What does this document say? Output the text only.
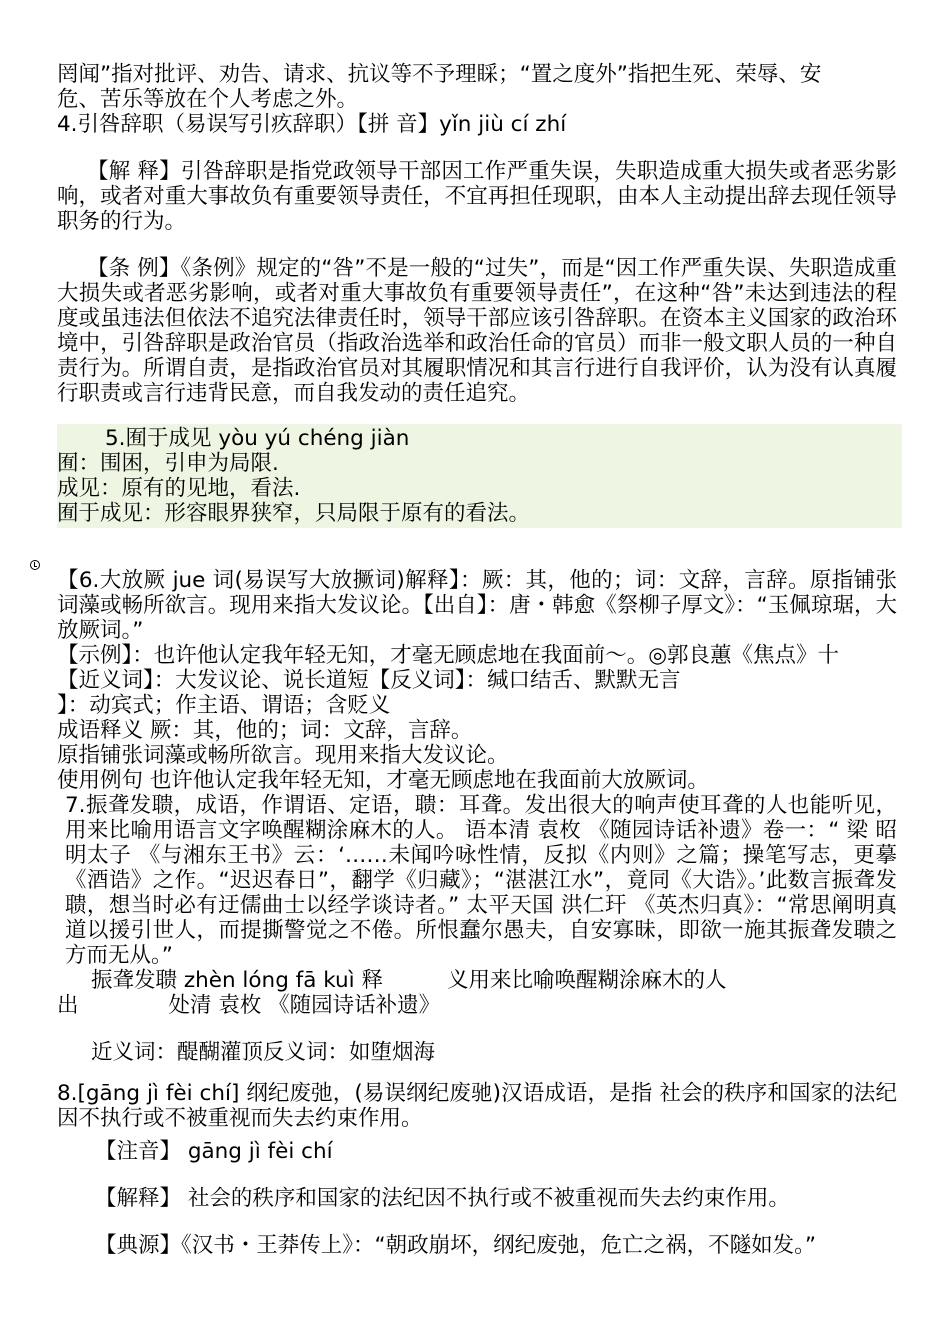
罔闻”指对批评、劝告、请求、抗议等不予理睬；“置之度外”指把生死、荣辱、安

危、苦乐等放在个人考虑之外。

4.引咎辞职（易误写引疚辞职）【拼 音】yǐn jiù cí zhí

【解 释】引咎辞职是指党政领导干部因工作严重失误，失职造成重大损失或者恶劣影响，或者对重大事故负有重要领导责任，不宜再担任现职，由本人主动提出辞去现任领导职务的行为。

【条 例】《条例》规定的“咎”不是一般的“过失”，而是“因工作严重失误、失职造成重大损失或者恶劣影响，或者对重大事故负有重要领导责任”，在这种“咎”未达到违法的程度或虽违法但依法不追究法律责任时，领导干部应该引咎辞职。在资本主义国家的政治环境中，引咎辞职是政治官员（指政治选举和政治任命的官员）而非一般文职人员的一种自责行为。所谓自责，是指政治官员对其履职情况和其言行进行自我评价，认为没有认真履行职责或言行违背民意，而自我发动的责任追究。

5.囿于成见 yòu yú chéng jiàn

囿：围困，引申为局限.

成见：原有的见地，看法.

囿于成见：形容眼界狭窄，只局限于原有的看法。

【6.大放厥 jue 词(易误写大放撅词)解释】：厥：其，他的；词：文辞，言辞。原指铺张词藻或畅所欲言。现用来指大发议论。【出自】：唐・韩愈《祭柳子厚文》：“玉佩琼琚，大放厥词。”

【示例】：也许他认定我年轻无知，才毫无顾虑地在我面前～。◎郭良蕙《焦点》十

【近义词】：大发议论、说长道短【反义词】：缄口结舌、默默无言

】：动宾式；作主语、谓语；含贬义

成语释义 厥：其，他的；词：文辞，言辞。

原指铺张词藻或畅所欲言。现用来指大发议论。

使用例句 也许他认定我年轻无知，才毫无顾虑地在我面前大放厥词。

7.振聋发聩，成语，作谓语、定语，聩：耳聋。发出很大的响声使耳聋的人也能听见，用来比喻用语言文字唤醒糊涂麻木的人。 语本清 袁枚 《随园诗话补遗》卷一：“ 梁 昭明太子 《与湘东王书》云：‘……未闻吟咏性情，反拟《内则》之篇；操笔写志，更摹《酒诰》之作。“迟迟春日”，翻学《归藏》；“湛湛江水”，竟同《大诰》。’此数言振聋发聩，想当时必有迂儒曲士以经学谈诗者。” 太平天国 洪仁玕 《英杰归真》：“常思阐明真道以援引世人，而提撕警觉之不倦。所恨蠢尔愚夫，自安寡昧，即欲一施其振聋发聩之方而无从。”

振聋发聩 zhèn lóng fā kuì 释	义用来比喻唤醒糊涂麻木的人

出	处清 袁枚 《随园诗话补遗》

近义词：醍醐灌顶反义词：如堕烟海

8.[gāng jì fèi chí] 纲纪废弛，(易误纲纪废驰)汉语成语，是指 社会的秩序和国家的法纪因不执行或不被重视而失去约束作用。

【注音】 gāng jì fèi chí

【解释】 社会的秩序和国家的法纪因不执行或不被重视而失去约束作用。

【典源】《汉书・王莽传上》：“朝政崩坏，纲纪废弛，危亡之祸，不隧如发。”
